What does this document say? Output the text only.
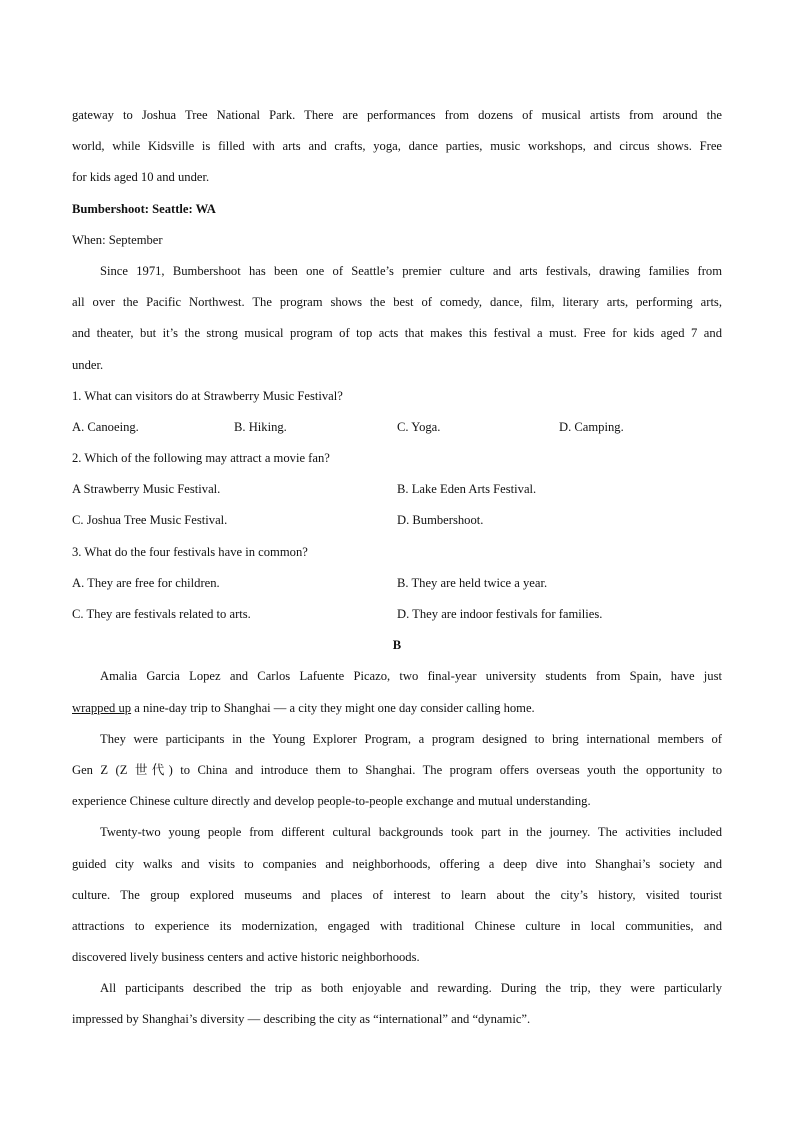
gateway to Joshua Tree National Park. There are performances from dozens of musical artists from around the
world, while Kidsville is filled with arts and crafts, yoga, dance parties, music workshops, and circus shows. Free
for kids aged 10 and under.
Bumbershoot: Seattle: WA
When: September
Since 1971, Bumbershoot has been one of Seattle’s premier culture and arts festivals, drawing families from
all over the Pacific Northwest. The program shows the best of comedy, dance, film, literary arts, performing arts,
and theater, but it’s the strong musical program of top acts that makes this festival a must. Free for kids aged 7 and
under.
1. What can visitors do at Strawberry Music Festival?
A. Canoeing.	B. Hiking.	C. Yoga.	D. Camping.
2. Which of the following may attract a movie fan?
A Strawberry Music Festival.	B. Lake Eden Arts Festival.
C. Joshua Tree Music Festival.	D. Bumbershoot.
3. What do the four festivals have in common?
A. They are free for children.	B. They are held twice a year.
C. They are festivals related to arts.	D. They are indoor festivals for families.
B
Amalia Garcia Lopez and Carlos Lafuente Picazo, two final-year university students from Spain, have just
wrapped up a nine-day trip to Shanghai — a city they might one day consider calling home.
They were participants in the Young Explorer Program, a program designed to bring international members of
Gen Z (Z 世代) to China and introduce them to Shanghai. The program offers overseas youth the opportunity to
experience Chinese culture directly and develop people-to-people exchange and mutual understanding.
Twenty-two young people from different cultural backgrounds took part in the journey. The activities included
guided city walks and visits to companies and neighborhoods, offering a deep dive into Shanghai’s society and
culture. The group explored museums and places of interest to learn about the city’s history, visited tourist
attractions to experience its modernization, engaged with traditional Chinese culture in local communities, and
discovered lively business centers and active historic neighborhoods.
All participants described the trip as both enjoyable and rewarding. During the trip, they were particularly
impressed by Shanghai’s diversity — describing the city as “international” and “dynamic”.
